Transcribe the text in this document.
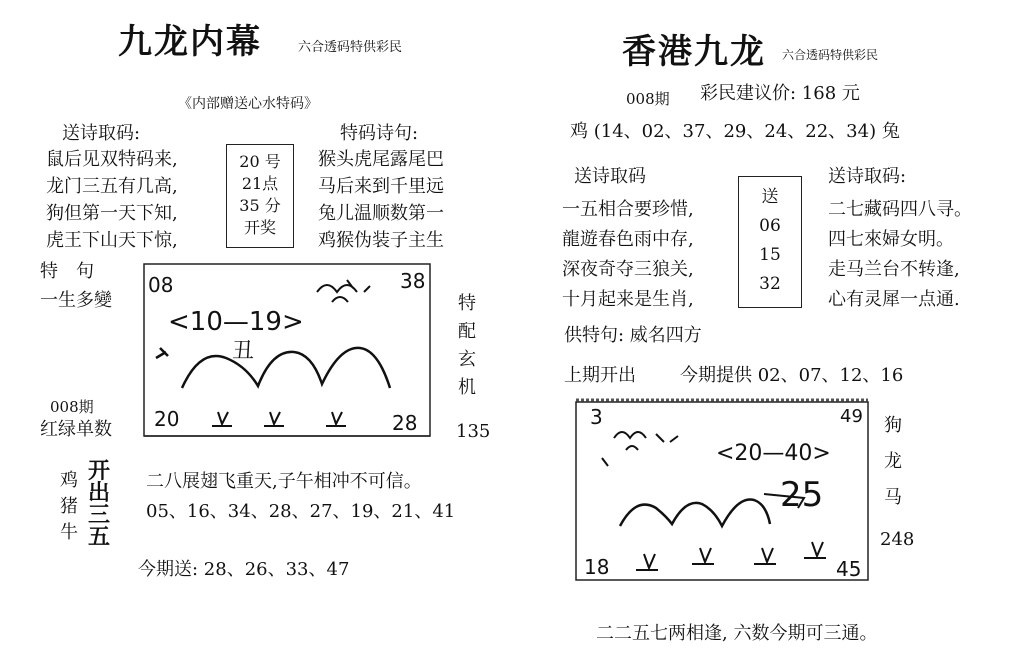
九龙内幕	六合透码特供彩民
《内部赠送心水特码》
送诗取码:
鼠后见双特码来,
龙门三五有几高,
狗但第一天下知,
虎王下山天下惊,
20 号
21点
35 分
开奖
特码诗句:
猴头虎尾露尾巴
马后来到千里远
兔儿温顺数第一
鸡猴伪装子主生
特　句
一生多變
08	38
<10—19>
丑
20	28
特
配
玄
机
135
008期
红绿单数
鸡
猪
牛
开
出
三
五
二八展翅飞重天,子午相冲不可信。
05、16、34、28、27、19、21、41
今期送: 28、26、33、47
香港九龙 六合透码特供彩民
008期 彩民建议价: 168 元
鸡 (14、02、37、29、24、22、34) 兔
送诗取码
一五相合要珍惜,
龍遊春色雨中存,
深夜奇夺三狼关,
十月起来是生肖,
送
06
15
32
送诗取码:
二七藏码四八寻。
四七來婦女明。
走马兰台不转逢,
心有灵犀一点通.
供特句: 威名四方
上期开出 今期提供 02、07、12、16
3	49
<20—40>
25
18	45
狗
龙
马
248
二二五七两相逢, 六数今期可三通。
